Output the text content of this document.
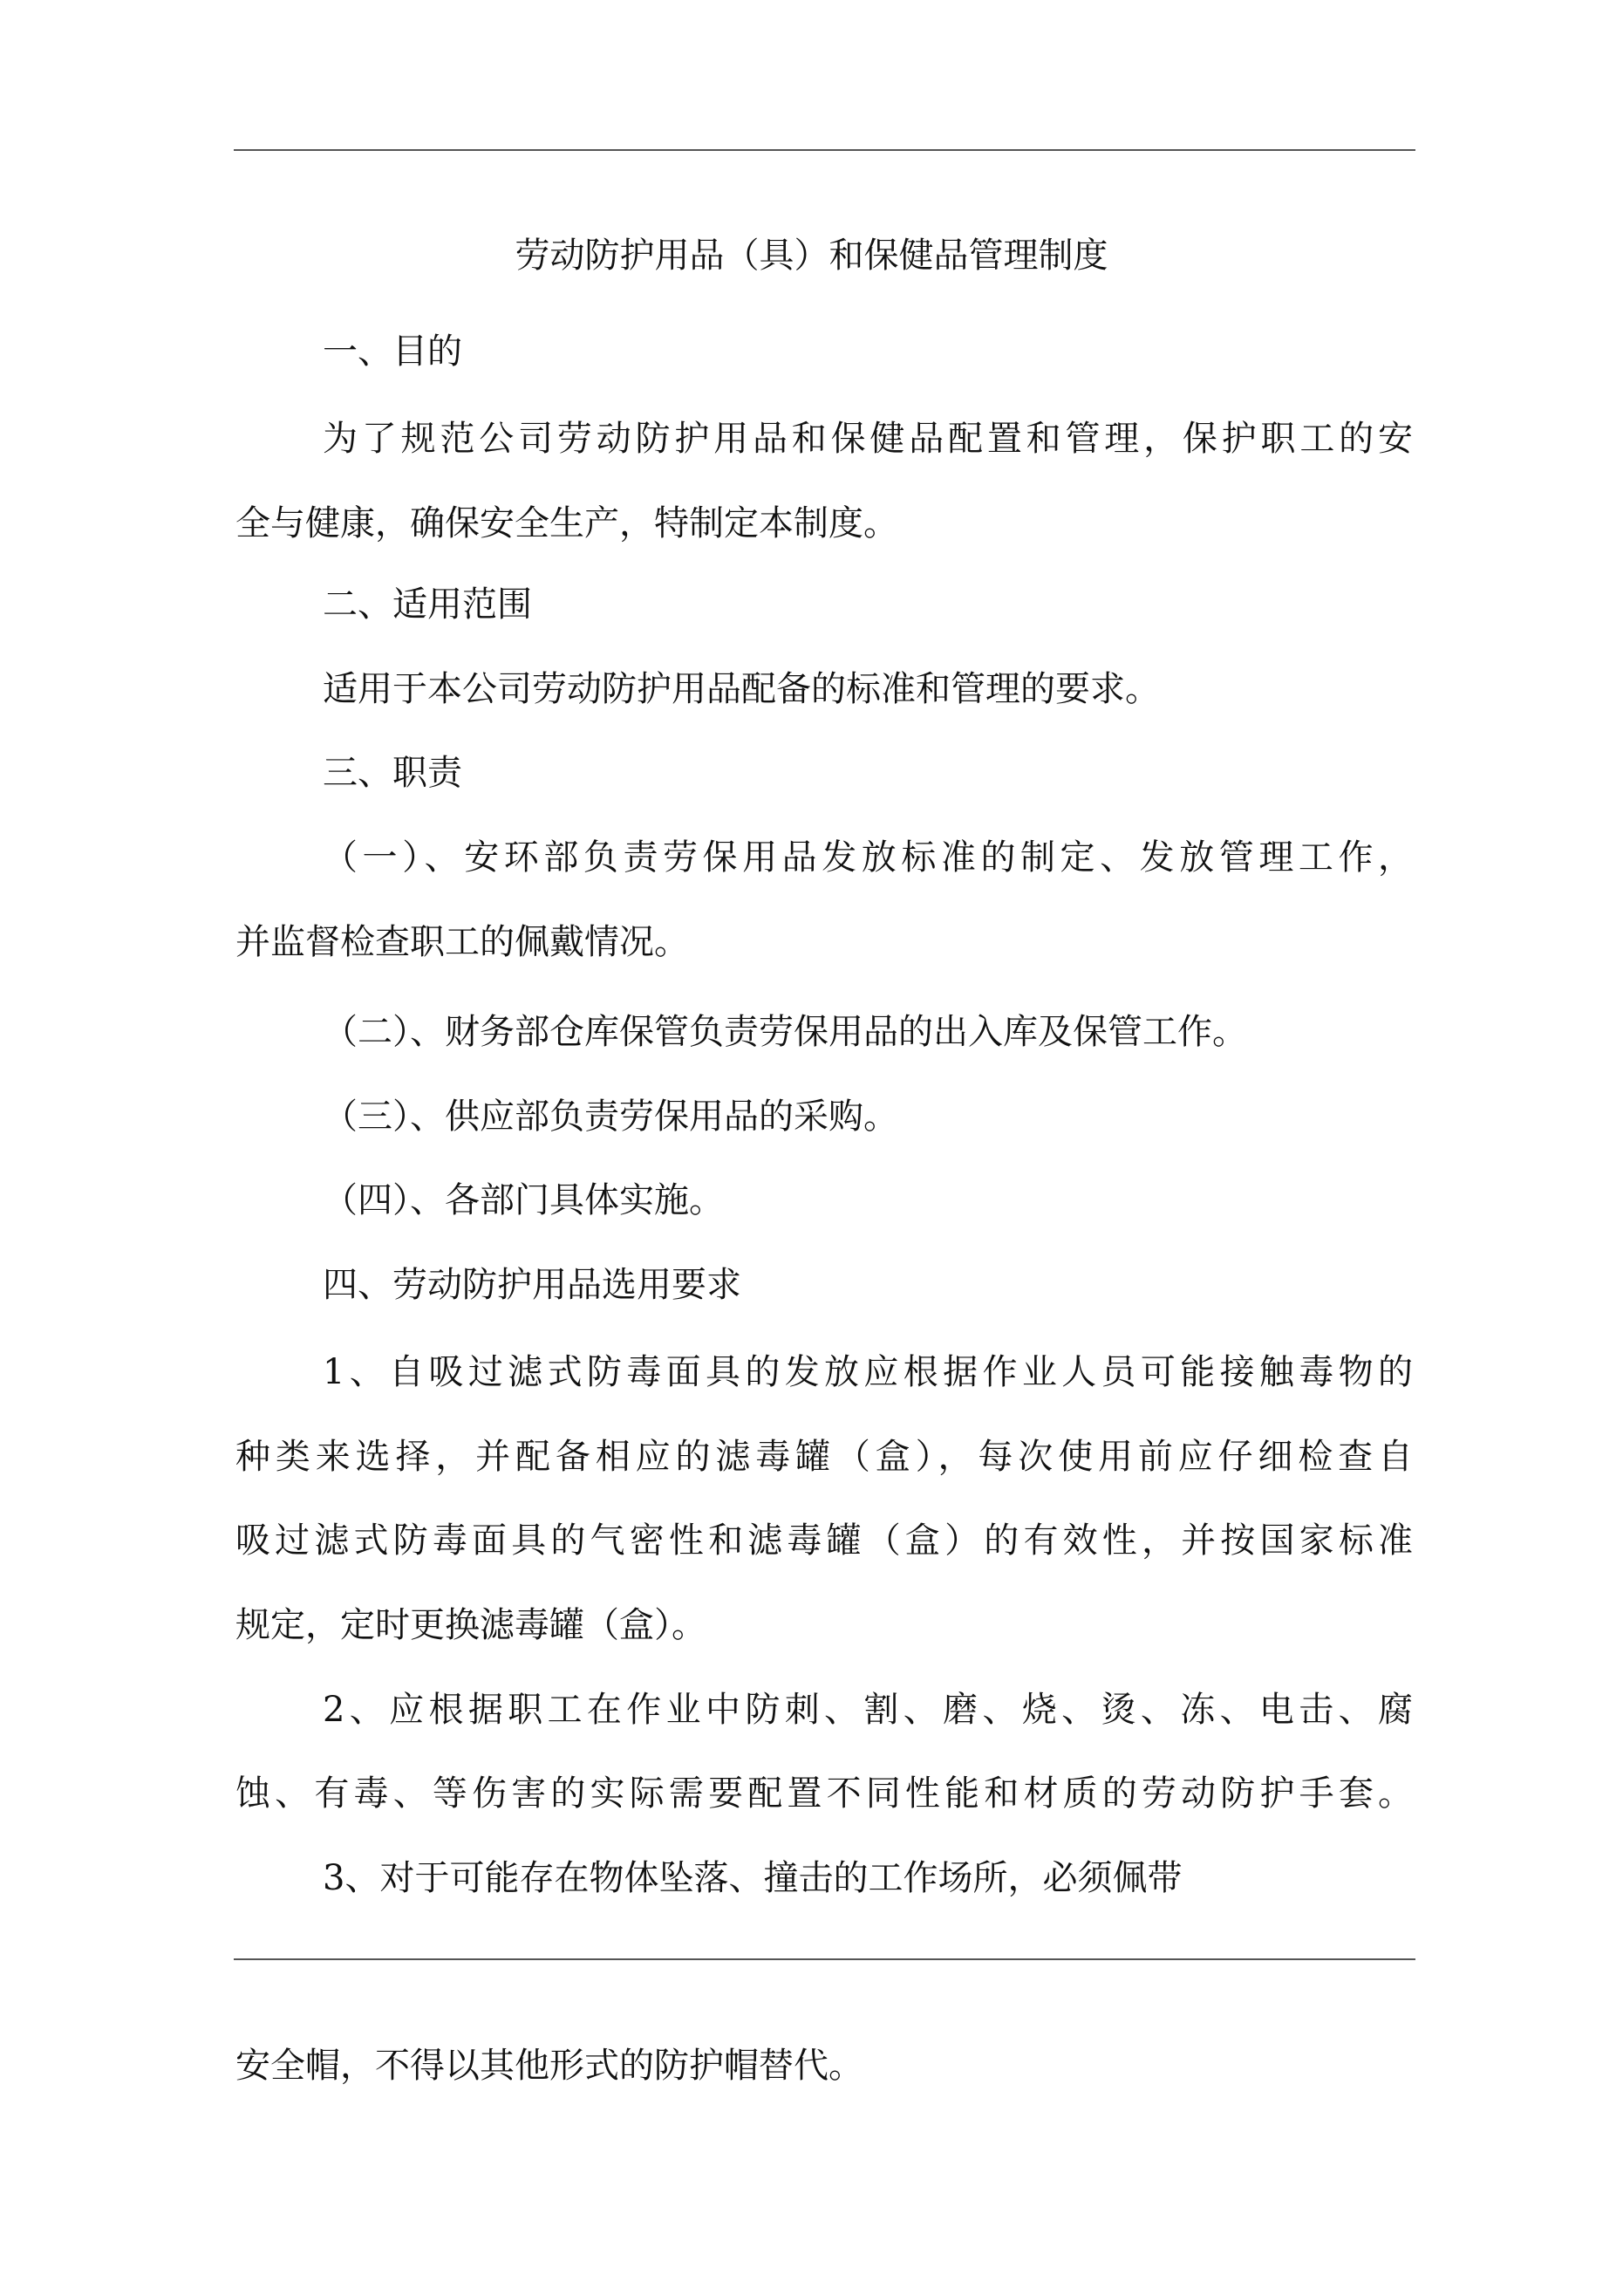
劳动防护用品（具）和保健品管理制度
一、目的
为了规范公司劳动防护用品和保健品配置和管理，保护职工的安
全与健康，确保安全生产，特制定本制度。
二、适用范围
适用于本公司劳动防护用品配备的标准和管理的要求。
三、职责
（一）、安环部负责劳保用品发放标准的制定、发放管理工作，
并监督检查职工的佩戴情况。
（二）、财务部仓库保管负责劳保用品的出入库及保管工作。
（三）、供应部负责劳保用品的采购。
（四）、各部门具体实施。
四、劳动防护用品选用要求
1、自吸过滤式防毒面具的发放应根据作业人员可能接触毒物的
种类来选择，并配备相应的滤毒罐（盒），每次使用前应仔细检查自
吸过滤式防毒面具的气密性和滤毒罐（盒）的有效性，并按国家标准
规定，定时更换滤毒罐（盒）。
2、应根据职工在作业中防刺、割、磨、烧、烫、冻、电击、腐
蚀、有毒、等伤害的实际需要配置不同性能和材质的劳动防护手套。
3、对于可能存在物体坠落、撞击的工作场所，必须佩带
安全帽，不得以其他形式的防护帽替代。
